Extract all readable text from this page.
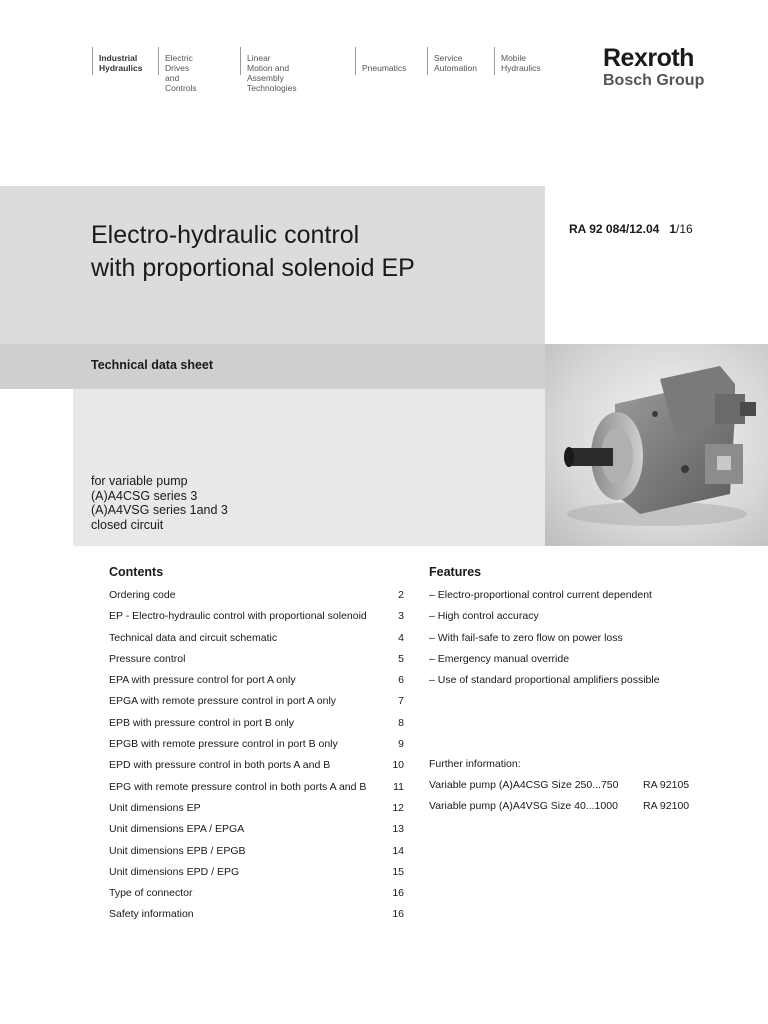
Industrial
Hydraulics
Electric Drives
and Controls
Linear Motion and
Assembly Technologies

Pneumatics
Service
Automation
Mobile
Hydraulics Rexroth
Bosch Group
Electro-hydraulic control
with proportional solenoid EP
RA 92 084/12.04 1/16
Technical data sheet
for variable pump
(A)A4CSG series 3
(A)A4VSG series 1and 3
closed circuit
Contents
Ordering code	2
EP - Electro-hydraulic control with proportional solenoid	3
Technical data and circuit schematic	4
Pressure control	5
EPA with pressure control for port A only	6
EPGA with remote pressure control in port A only	7
EPB with pressure control in port B only	8
EPGB with remote pressure control in port B only	9
EPD with pressure control in both ports A and B	10
EPG with remote pressure control in both ports A and B	11
Unit dimensions EP	12
Unit dimensions EPA / EPGA	13
Unit dimensions EPB / EPGB	14
Unit dimensions EPD / EPG	15
Type of connector	16
Safety information	16
Features
– Electro-proportional control current dependent
– High control accuracy
– With fail-safe to zero flow on power loss
– Emergency manual override
– Use of standard proportional amplifiers possible
Further information:
Variable pump (A)A4CSG Size 250...750 RA 92105
Variable pump (A)A4VSG Size 40...1000 RA 92100
